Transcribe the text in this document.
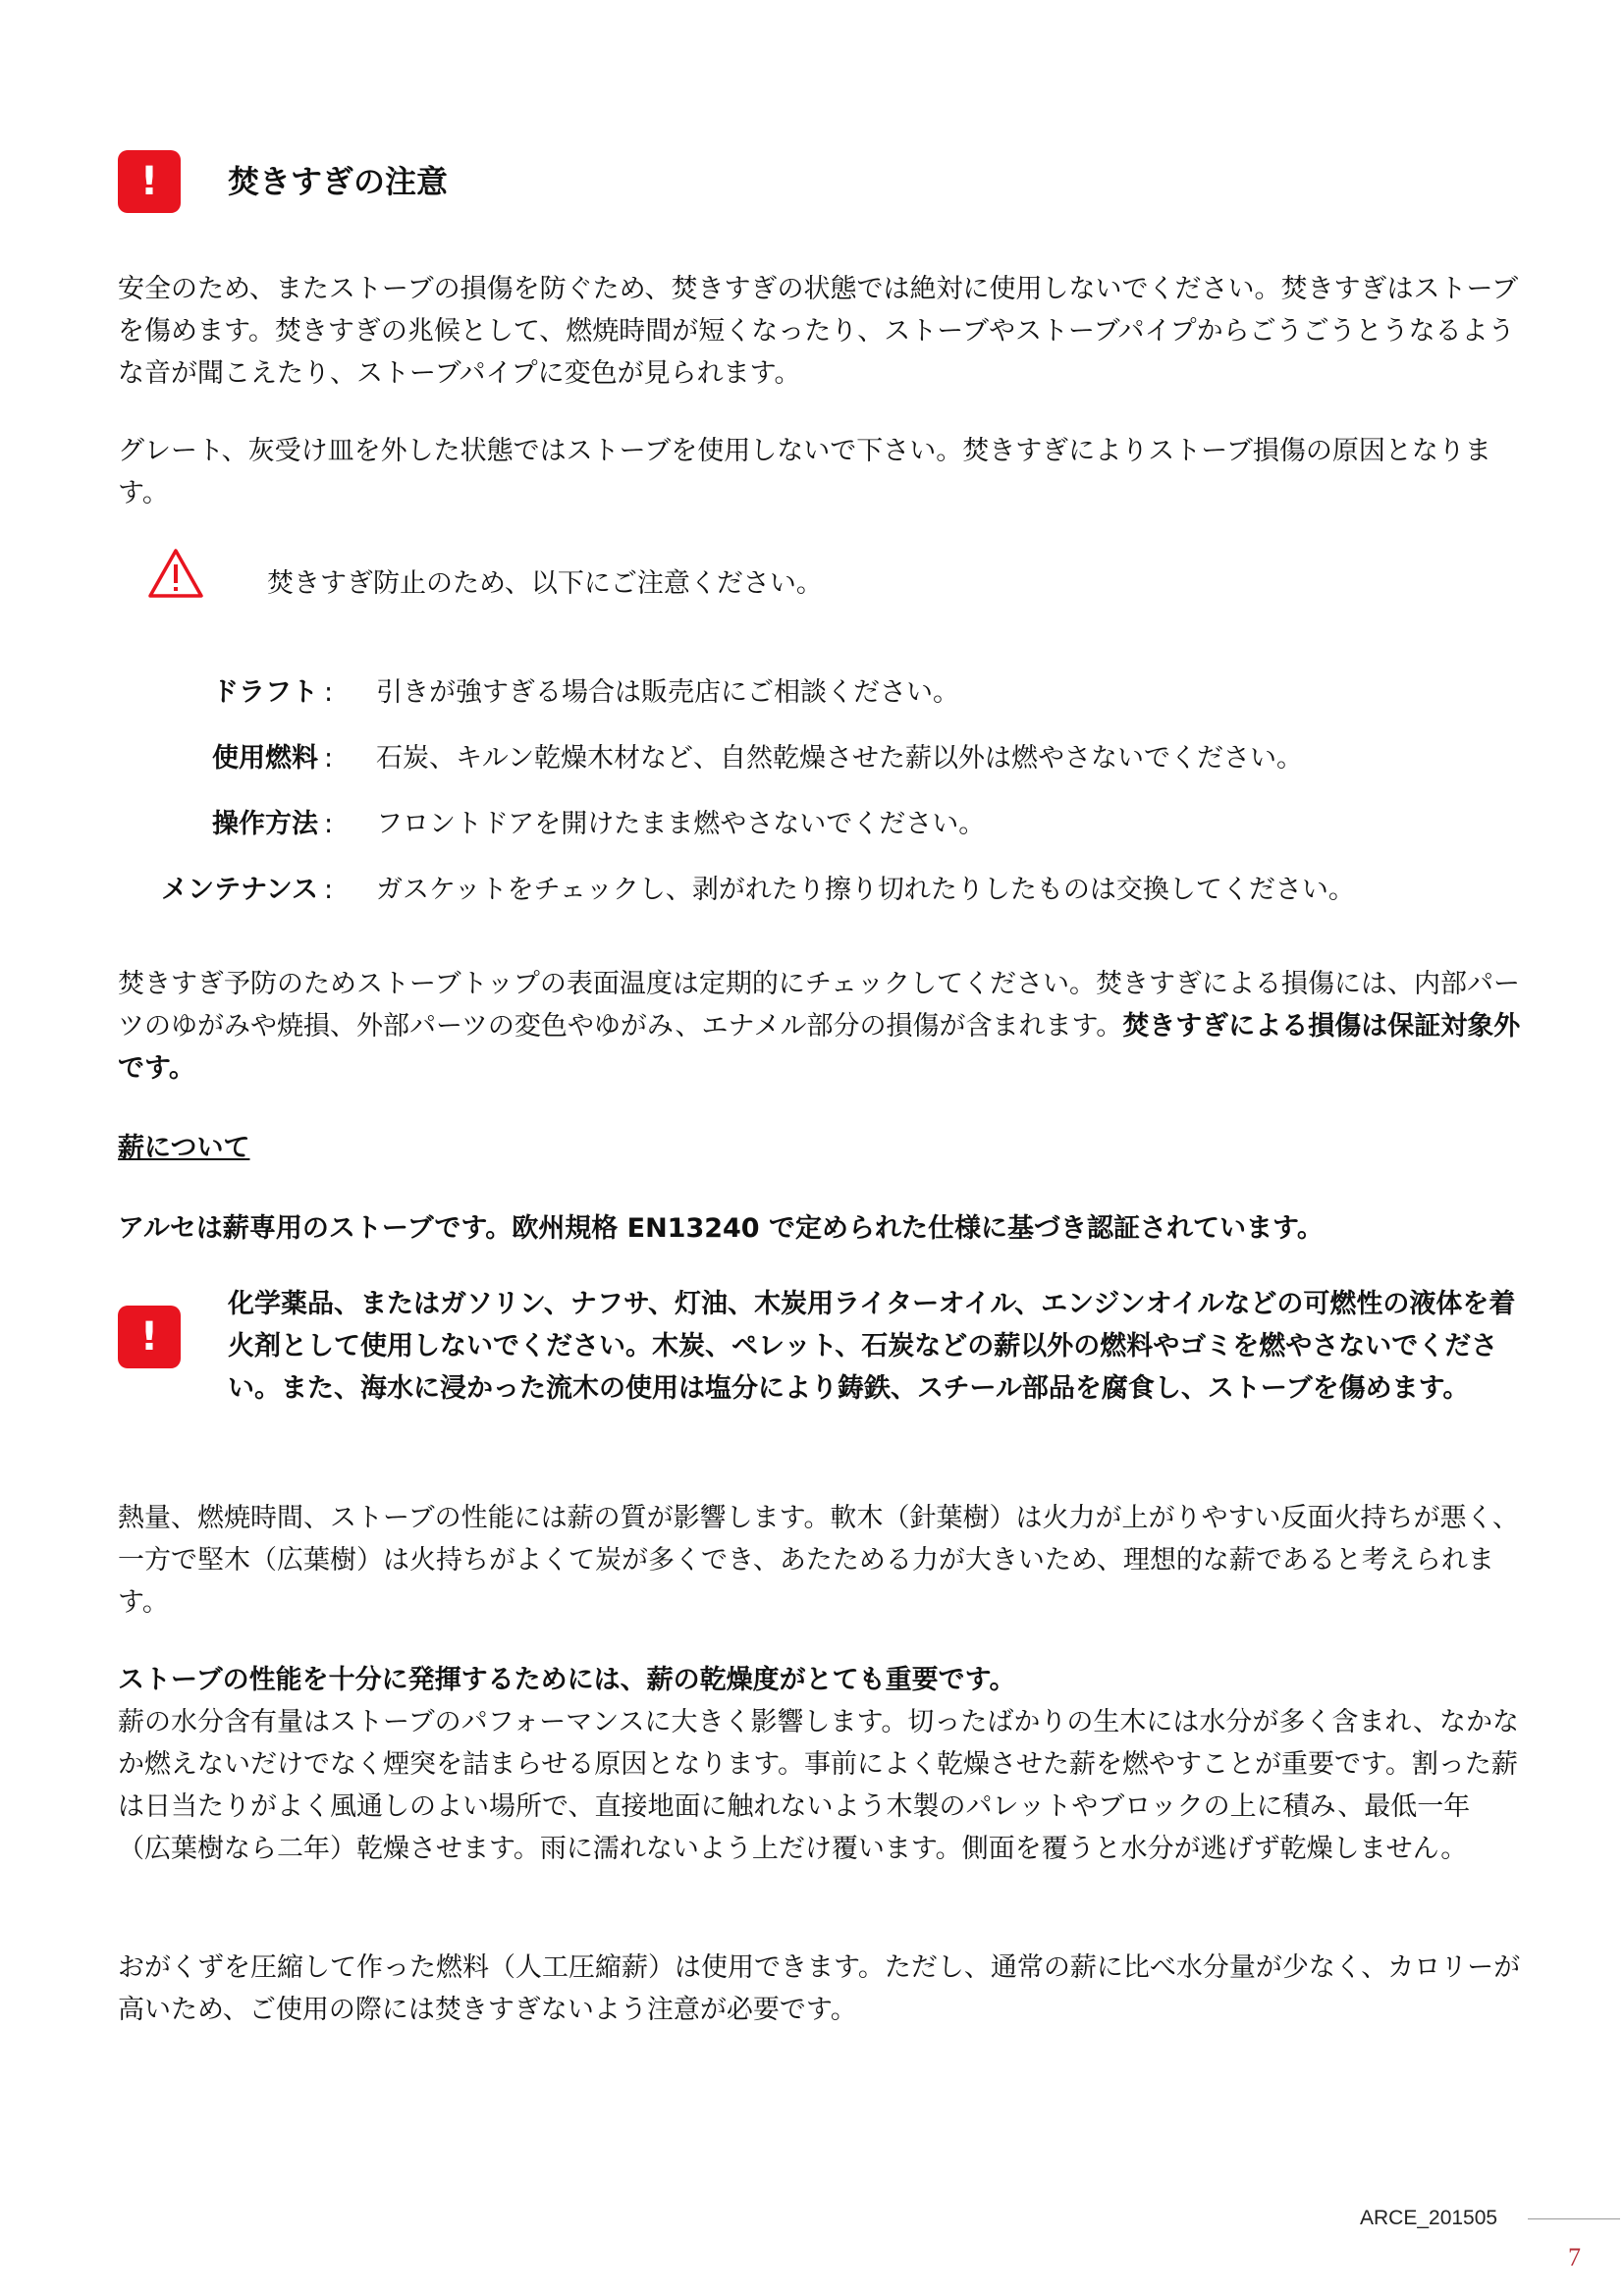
! 焚きすぎの注意

安全のため、またストーブの損傷を防ぐため、焚きすぎの状態では絶対に使用しないでください。焚きすぎはストーブを傷めます。焚きすぎの兆候として、燃焼時間が短くなったり、ストーブやストーブパイプからごうごうとうなるような音が聞こえたり、ストーブパイプに変色が見られます。

グレート、灰受け皿を外した状態ではストーブを使用しないで下さい。焚きすぎによりストーブ損傷の原因となります。

焚きすぎ防止のため、以下にご注意ください。
ドラフト : 引きが強すぎる場合は販売店にご相談ください。
使用燃料 : 石炭、キルン乾燥木材など、自然乾燥させた薪以外は燃やさないでください。
操作方法 : フロントドアを開けたまま燃やさないでください。
メンテナンス : ガスケットをチェックし、剥がれたり擦り切れたりしたものは交換してください。

焚きすぎ予防のためストーブトップの表面温度は定期的にチェックしてください。焚きすぎによる損傷には、内部パーツのゆがみや焼損、外部パーツの変色やゆがみ、エナメル部分の損傷が含まれます。焚きすぎによる損傷は保証対象外です。

薪について

アルセは薪専用のストーブです。欧州規格 EN13240 で定められた仕様に基づき認証されています。

!

化学薬品、またはガソリン、ナフサ、灯油、木炭用ライターオイル、エンジンオイルなどの可燃性の液体を着火剤として使用しないでください。木炭、ペレット、石炭などの薪以外の燃料やゴミを燃やさないでください。また、海水に浸かった流木の使用は塩分により鋳鉄、スチール部品を腐食し、ストーブを傷めます。

熱量、燃焼時間、ストーブの性能には薪の質が影響します。軟木（針葉樹）は火力が上がりやすい反面火持ちが悪く、一方で堅木（広葉樹）は火持ちがよくて炭が多くでき、あたためる力が大きいため、理想的な薪であると考えられます。

ストーブの性能を十分に発揮するためには、薪の乾燥度がとても重要です。

薪の水分含有量はストーブのパフォーマンスに大きく影響します。切ったばかりの生木には水分が多く含まれ、なかなか燃えないだけでなく煙突を詰まらせる原因となります。事前によく乾燥させた薪を燃やすことが重要です。割った薪は日当たりがよく風通しのよい場所で、直接地面に触れないよう木製のパレットやブロックの上に積み、最低一年（広葉樹なら二年）乾燥させます。雨に濡れないよう上だけ覆います。側面を覆うと水分が逃げず乾燥しません。

おがくずを圧縮して作った燃料（人工圧縮薪）は使用できます。ただし、通常の薪に比べ水分量が少なく、カロリーが高いため、ご使用の際には焚きすぎないよう注意が必要です。

ARCE_201505
7
